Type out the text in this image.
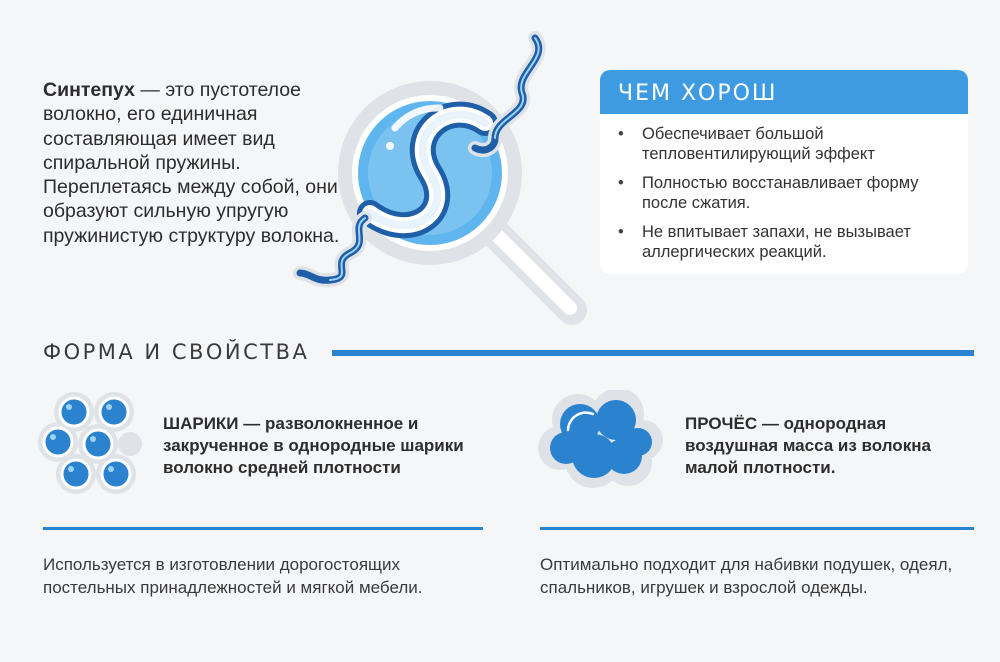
Синтепух — это пустотелое волокно, его единичная составляющая имеет вид спиральной пружины. Переплетаясь между собой, они образуют сильную упругую пружинистую структуру волокна.
ЧЕМ ХОРОШ
• Обеспечивает большой тепловентилирующий эффект
• Полностью восстанавливает форму после сжатия.
• Не впитывает запахи, не вызывает аллергических реакций.
ФОРМА И СВОЙСТВА
ШАРИКИ — разволокненное и закрученное в однородные шарики волокно средней плотности
ПРОЧЁС — однородная воздушная масса из волокна малой плотности.
Используется в изготовлении дорогостоящих постельных принадлежностей и мягкой мебели.
Оптимально подходит для набивки подушек, одеял, спальников, игрушек и взрослой одежды.
